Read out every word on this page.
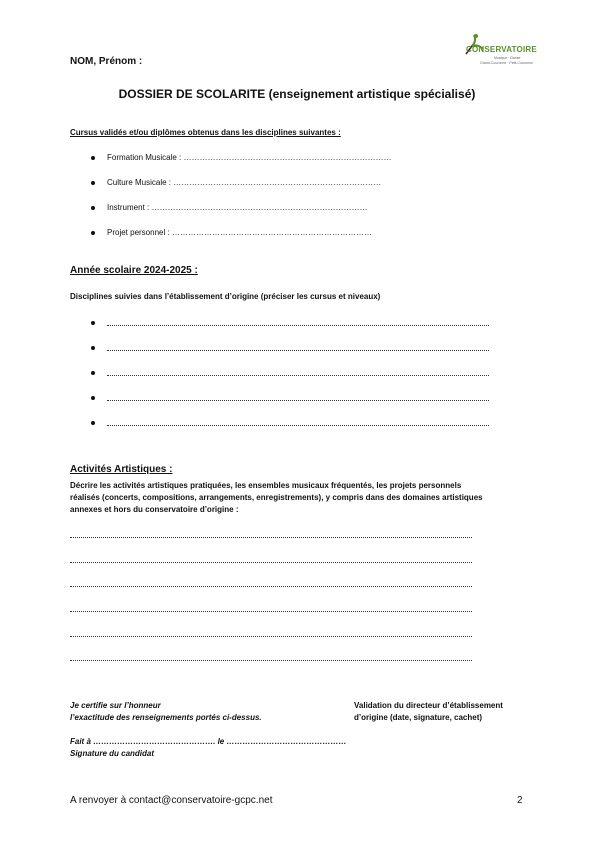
NOM, Prénom :
CONSERVATOIRE
Musique · Danse
Grand-Couronne · Petit-Couronne
DOSSIER DE SCOLARITE (enseignement artistique spécialisé)
Cursus validés et/ou diplômes obtenus dans les disciplines suivantes :
Formation Musicale : ……………………………………………………………………
Culture Musicale : ……………………………………………………………………
Instrument : ………………………………………………………………………
Projet personnel : …………………………………………………………………
Année scolaire 2024-2025 :
Disciplines suivies dans l’établissement d’origine (préciser les cursus et niveaux)
Activités Artistiques :
Décrire les activités artistiques pratiquées, les ensembles musicaux fréquentés, les projets personnels
réalisés (concerts, compositions, arrangements, enregistrements), y compris dans des domaines artistiques
annexes et hors du conservatoire d’origine :
Je certifie sur l’honneur
l’exactitude des renseignements portés ci-dessus.
Validation du directeur d’établissement
d’origine (date, signature, cachet)
Fait à ………………………………………. le ………………………………………
Signature du candidat
A renvoyer à contact@conservatoire-gcpc.net	2
